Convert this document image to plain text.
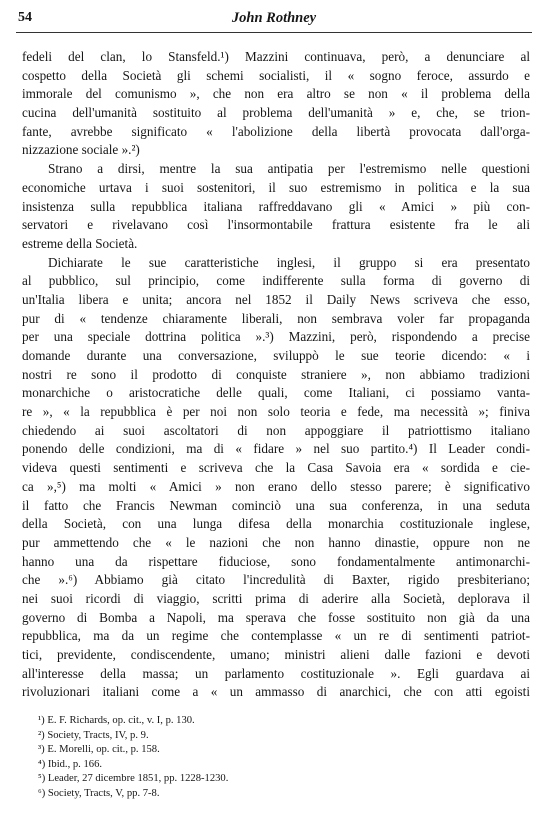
54	John Rothney
fedeli del clan, lo Stansfeld.¹) Mazzini continuava, però, a denunciare al
cospetto della Società gli schemi socialisti, il « sogno feroce, assurdo e
immorale del comunismo », che non era altro se non « il problema della
cucina dell'umanità sostituito al problema dell'umanità » e, che, se trion-
fante, avrebbe significato « l'abolizione della libertà provocata dall'orga-
nizzazione sociale ».²)
Strano a dirsi, mentre la sua antipatia per l'estremismo nelle questioni
economiche urtava i suoi sostenitori, il suo estremismo in politica e la sua
insistenza sulla repubblica italiana raffreddavano gli « Amici » più con-
servatori e rivelavano così l'insormontabile frattura esistente fra le ali
estreme della Società.
Dichiarate le sue caratteristiche inglesi, il gruppo si era presentato
al pubblico, sul principio, come indifferente sulla forma di governo di
un'Italia libera e unita; ancora nel 1852 il Daily News scriveva che esso,
pur di « tendenze chiaramente liberali, non sembrava voler far propaganda
per una speciale dottrina politica ».³) Mazzini, però, rispondendo a precise
domande durante una conversazione, sviluppò le sue teorie dicendo: « i
nostri re sono il prodotto di conquiste straniere », non abbiamo tradizioni
monarchiche o aristocratiche delle quali, come Italiani, ci possiamo vanta-
re », « la repubblica è per noi non solo teoria e fede, ma necessità »; finiva
chiedendo ai suoi ascoltatori di non appoggiare il patriottismo italiano
ponendo delle condizioni, ma di « fidare » nel suo partito.⁴) Il Leader condi-
videva questi sentimenti e scriveva che la Casa Savoia era « sordida e cie-
ca »,⁵) ma molti « Amici » non erano dello stesso parere; è significativo
il fatto che Francis Newman cominciò una sua conferenza, in una seduta
della Società, con una lunga difesa della monarchia costituzionale inglese,
pur ammettendo che « le nazioni che non hanno dinastie, oppure non ne
hanno una da rispettare fiduciose, sono fondamentalmente antimonarchi-
che ».⁶) Abbiamo già citato l'incredulità di Baxter, rigido presbiteriano;
nei suoi ricordi di viaggio, scritti prima di aderire alla Società, deplorava il
governo di Bomba a Napoli, ma sperava che fosse sostituito non già da una
repubblica, ma da un regime che contemplasse « un re di sentimenti patriot-
tici, previdente, condiscendente, umano; ministri alieni dalle fazioni e devoti
all'interesse della massa; un parlamento costituzionale ». Egli guardava ai
rivoluzionari italiani come a « un ammasso di anarchici, che con atti egoisti
¹) E. F. Richards, op. cit., v. I, p. 130.
²) Society, Tracts, IV, p. 9.
³) E. Morelli, op. cit., p. 158.
⁴) Ibid., p. 166.
⁵) Leader, 27 dicembre 1851, pp. 1228-1230.
⁶) Society, Tracts, V, pp. 7-8.
